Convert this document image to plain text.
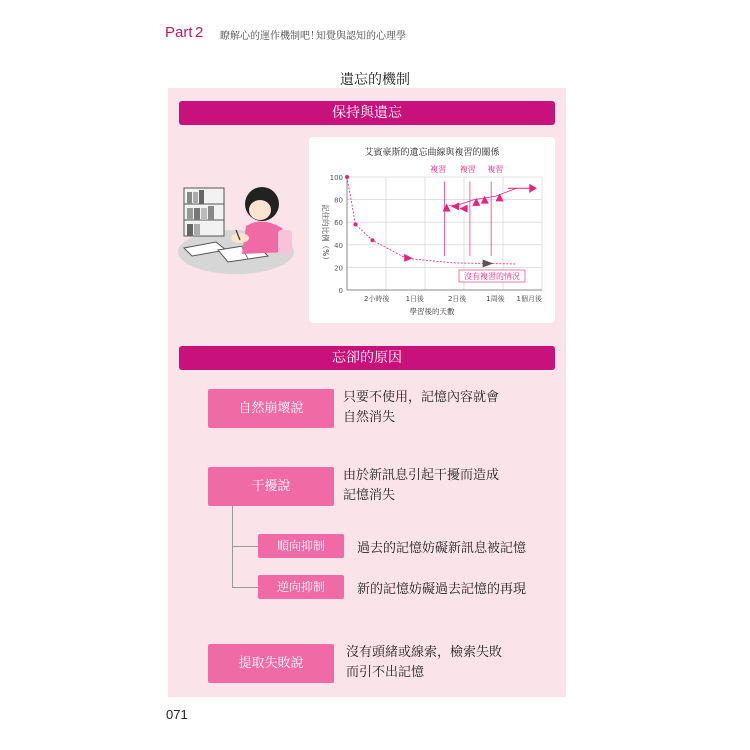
Part 2 瞭解心的運作機制吧！
知覺與認知的心理學
遺忘的機制
保持與遺忘
艾賓豪斯的遺忘曲線與複習的關係
0
20
40
60
80
100
2小時後 1日後	2日後	1周後 1個月後
學習後的天數
記住的比例（%）
複習 複習 複習
沒有複習的情況
忘卻的原因
自然崩壞說
只要不使用，記憶內容就會
自然消失
干擾說
由於新訊息引起干擾而造成
記憶消失
順向抑制	過去的記憶妨礙新訊息被記憶
逆向抑制	新的記憶妨礙過去記憶的再現
提取失敗說
沒有頭緒或線索，檢索失敗
而引不出記憶
071
